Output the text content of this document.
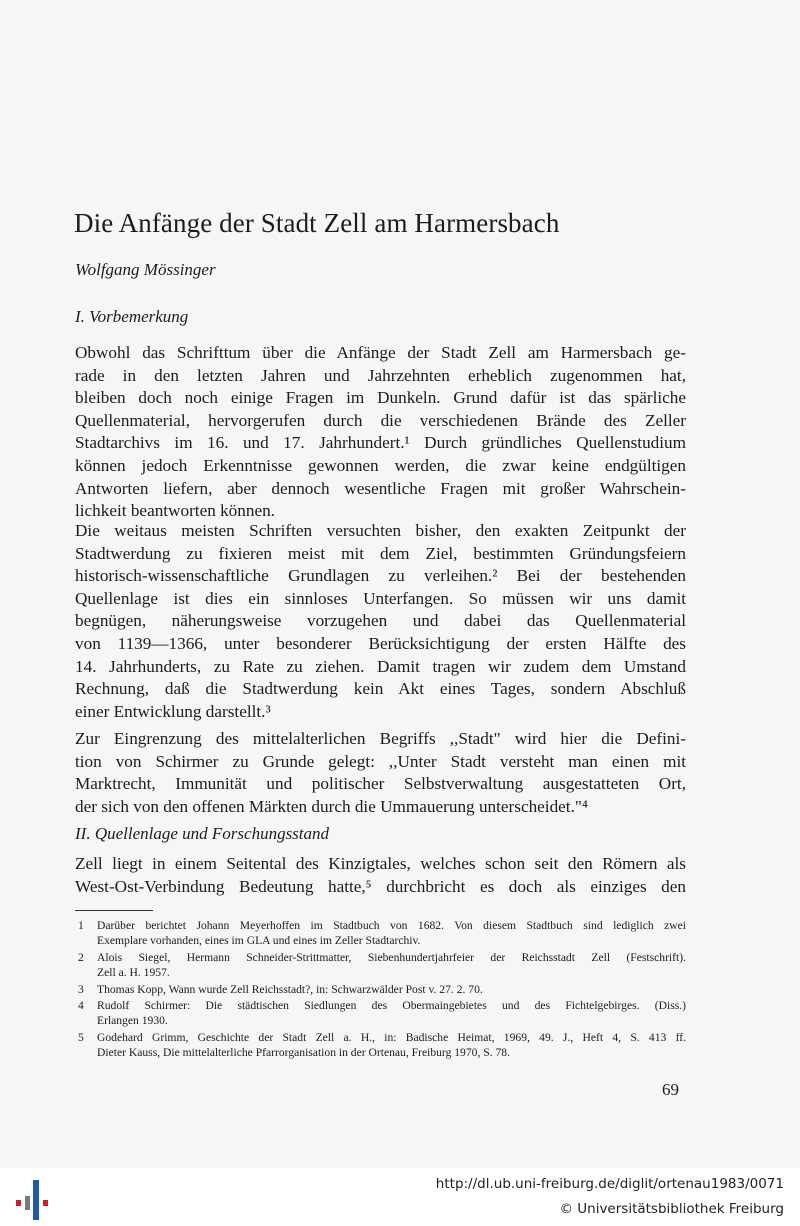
Die Anfänge der Stadt Zell am Harmersbach
Wolfgang Mössinger
I. Vorbemerkung
Obwohl das Schrifttum über die Anfänge der Stadt Zell am Harmersbach ge-
rade in den letzten Jahren und Jahrzehnten erheblich zugenommen hat,
bleiben doch noch einige Fragen im Dunkeln. Grund dafür ist das spärliche
Quellenmaterial, hervorgerufen durch die verschiedenen Brände des Zeller
Stadtarchivs im 16. und 17. Jahrhundert.¹ Durch gründliches Quellenstudium
können jedoch Erkenntnisse gewonnen werden, die zwar keine endgültigen
Antworten liefern, aber dennoch wesentliche Fragen mit großer Wahrschein-
lichkeit beantworten können.
Die weitaus meisten Schriften versuchten bisher, den exakten Zeitpunkt der
Stadtwerdung zu fixieren meist mit dem Ziel, bestimmten Gründungsfeiern
historisch-wissenschaftliche Grundlagen zu verleihen.² Bei der bestehenden
Quellenlage ist dies ein sinnloses Unterfangen. So müssen wir uns damit
begnügen, näherungsweise vorzugehen und dabei das Quellenmaterial
von 1139—1366, unter besonderer Berücksichtigung der ersten Hälfte des
14. Jahrhunderts, zu Rate zu ziehen. Damit tragen wir zudem dem Umstand
Rechnung, daß die Stadtwerdung kein Akt eines Tages, sondern Abschluß
einer Entwicklung darstellt.³
Zur Eingrenzung des mittelalterlichen Begriffs ,,Stadt" wird hier die Defini-
tion von Schirmer zu Grunde gelegt: ,,Unter Stadt versteht man einen mit
Marktrecht, Immunität und politischer Selbstverwaltung ausgestatteten Ort,
der sich von den offenen Märkten durch die Ummauerung unterscheidet."⁴
II. Quellenlage und Forschungsstand
Zell liegt in einem Seitental des Kinzigtales, welches schon seit den Römern als
West-Ost-Verbindung Bedeutung hatte,⁵ durchbricht es doch als einziges den
1 Darüber berichtet Johann Meyerhoffen im Stadtbuch von 1682. Von diesem Stadtbuch sind lediglich zwei
Exemplare vorhanden, eines im GLA und eines im Zeller Stadtarchiv.
2 Alois Siegel, Hermann Schneider-Strittmatter, Siebenhundertjahrfeier der Reichsstadt Zell (Festschrift).
Zell a. H. 1957.
3 Thomas Kopp, Wann wurde Zell Reichsstadt?, in: Schwarzwälder Post v. 27. 2. 70.
4 Rudolf Schirmer: Die städtischen Siedlungen des Obermaingebietes und des Fichtelgebirges. (Diss.)
Erlangen 1930.
5 Godehard Grimm, Geschichte der Stadt Zell a. H., in: Badische Heimat, 1969, 49. J., Heft 4, S. 413 ff.
Dieter Kauss, Die mittelalterliche Pfarrorganisation in der Ortenau, Freiburg 1970, S. 78.
69
http://dl.ub.uni-freiburg.de/diglit/ortenau1983/0071
© Universitätsbibliothek Freiburg
